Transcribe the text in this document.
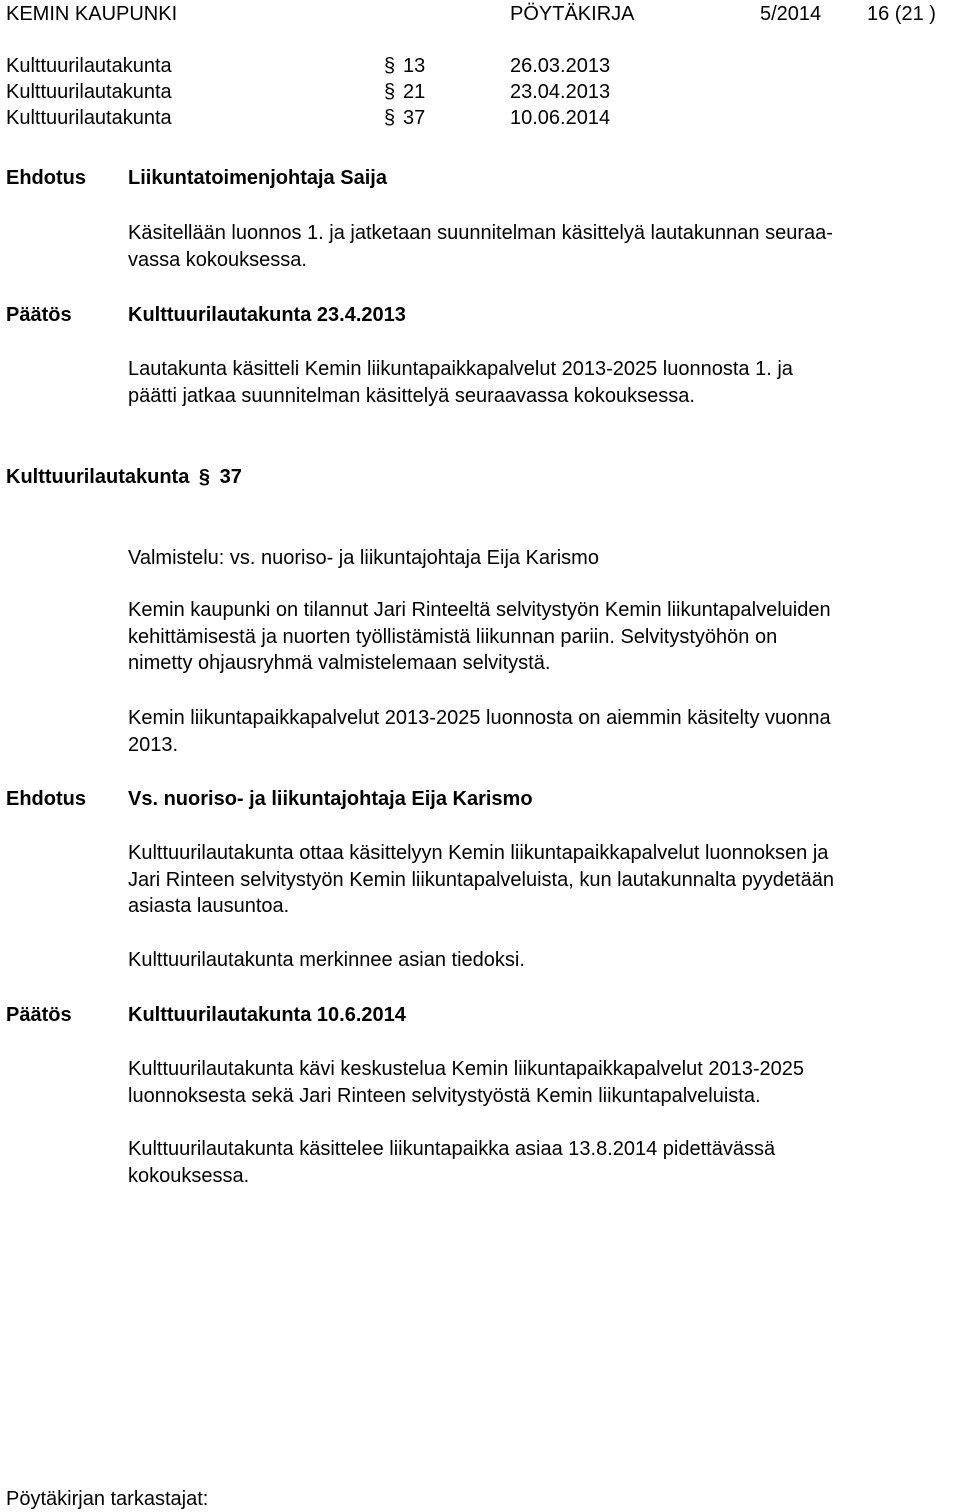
KEMIN KAUPUNKI	PÖYTÄKIRJA	5/2014 16 (21 )
Kulttuurilautakunta	§ 13	26.03.2013
Kulttuurilautakunta	§ 21	23.04.2013
Kulttuurilautakunta	§ 37	10.06.2014
Ehdotus Liikuntatoimenjohtaja Saija
Käsitellään luonnos 1. ja jatketaan suunnitelman käsittelyä lautakunnan seuraa-
vassa kokouksessa.
Päätös	Kulttuurilautakunta 23.4.2013
Lautakunta käsitteli Kemin liikuntapaikkapalvelut 2013-2025 luonnosta 1. ja
päätti jatkaa suunnitelman käsittelyä seuraavassa kokouksessa.
Kulttuurilautakunta § 37
Valmistelu: vs. nuoriso- ja liikuntajohtaja Eija Karismo
Kemin kaupunki on tilannut Jari Rinteeltä selvitystyön Kemin liikuntapalveluiden
kehittämisestä ja nuorten työllistämistä liikunnan pariin. Selvitystyöhön on
nimetty ohjausryhmä valmistelemaan selvitystä.
Kemin liikuntapaikkapalvelut 2013-2025 luonnosta on aiemmin käsitelty vuonna
2013.
Ehdotus Vs. nuoriso- ja liikuntajohtaja Eija Karismo
Kulttuurilautakunta ottaa käsittelyyn Kemin liikuntapaikkapalvelut luonnoksen ja
Jari Rinteen selvitystyön Kemin liikuntapalveluista, kun lautakunnalta pyydetään
asiasta lausuntoa.
Kulttuurilautakunta merkinnee asian tiedoksi.
Päätös	Kulttuurilautakunta 10.6.2014
Kulttuurilautakunta kävi keskustelua Kemin liikuntapaikkapalvelut 2013-2025
luonnoksesta sekä Jari Rinteen selvitystyöstä Kemin liikuntapalveluista.
Kulttuurilautakunta käsittelee liikuntapaikka asiaa 13.8.2014 pidettävässä
kokouksessa.
Pöytäkirjan tarkastajat:
